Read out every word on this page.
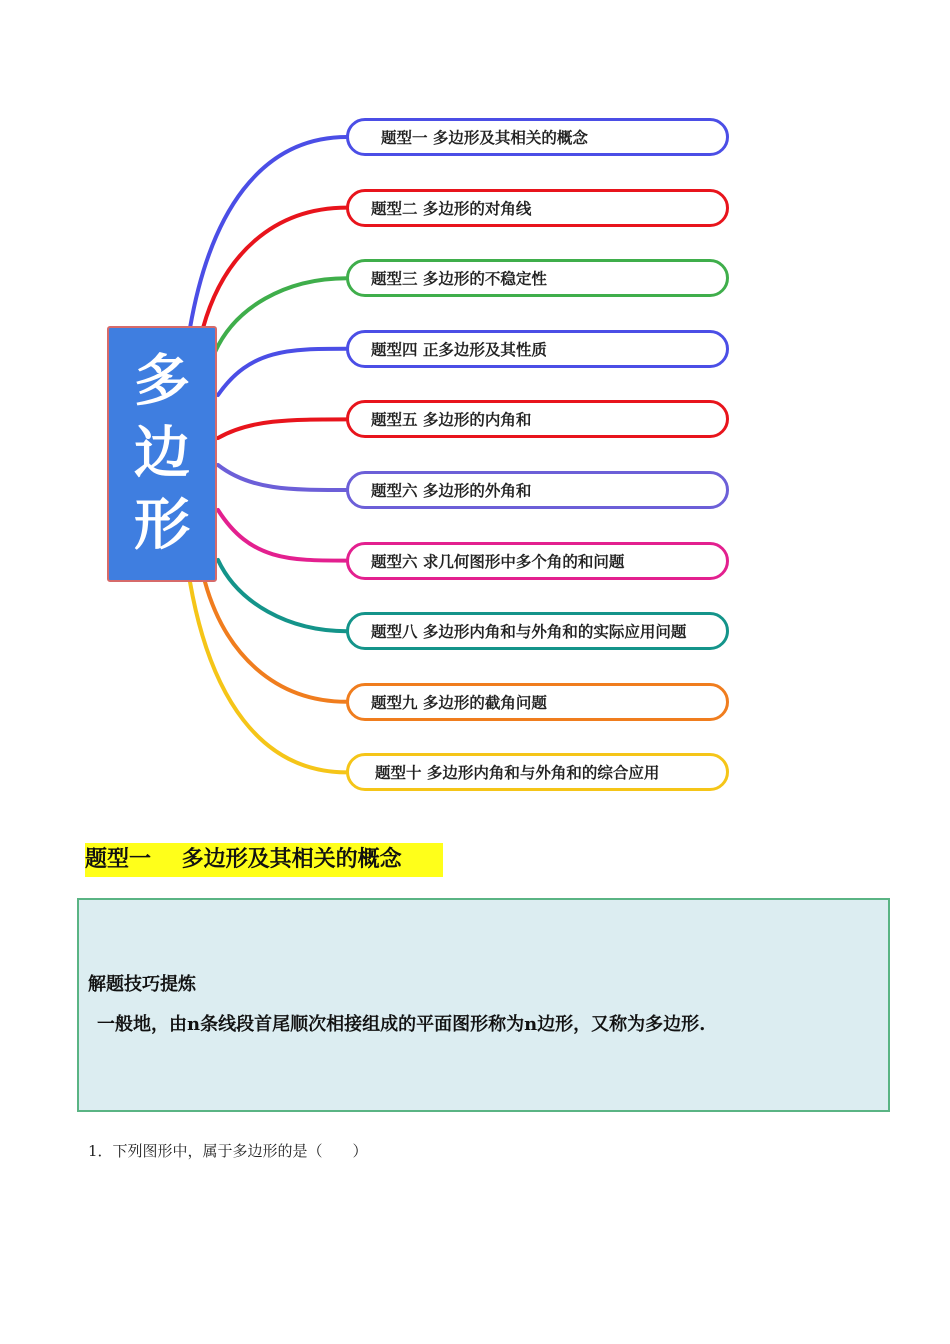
多
边
形
题型一 多边形及其相关的概念
题型二 多边形的对角线
题型三 多边形的不稳定性
题型四 正多边形及其性质
题型五 多边形的内角和
题型六 多边形的外角和
题型六 求几何图形中多个角的和问题
题型八 多边形内角和与外角和的实际应用问题
题型九 多边形的截角问题
题型十 多边形内角和与外角和的综合应用
题型一    多边形及其相关的概念
解题技巧提炼
一般地，由n条线段首尾顺次相接组成的平面图形称为n边形，又称为多边形.
1．下列图形中，属于多边形的是（　　）
